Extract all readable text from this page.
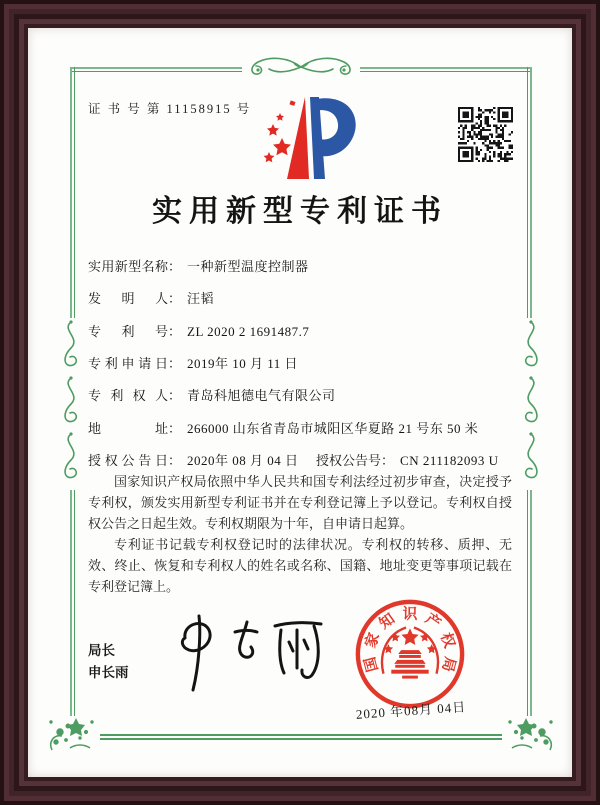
证 书 号 第 11158915 号
实用新型专利证书
实用新型名称： 一种新型温度控制器
发明人： 汪韬
专利号： ZL 2020 2 1691487.7
专利申请日： 2019年 10 月 11 日
专利权人： 青岛科旭德电气有限公司
地址： 266000 山东省青岛市城阳区华夏路 21 号东 50 米
授权公告日： 2020年 08 月 04 日 授权公告号： CN 211182093 U

国家知识产权局依照中华人民共和国专利法经过初步审查，决定授予专利权，颁发实用新型专利证书并在专利登记簿上予以登记。专利权自授权公告之日起生效。专利权期限为十年，自申请日起算。

专利证书记载专利权登记时的法律状况。专利权的转移、质押、无效、终止、恢复和专利权人的姓名或名称、国籍、地址变更等事项记载在专利登记簿上。

局长
申长雨	国
家
知 识 产
权
局
2020 年08月 04日
